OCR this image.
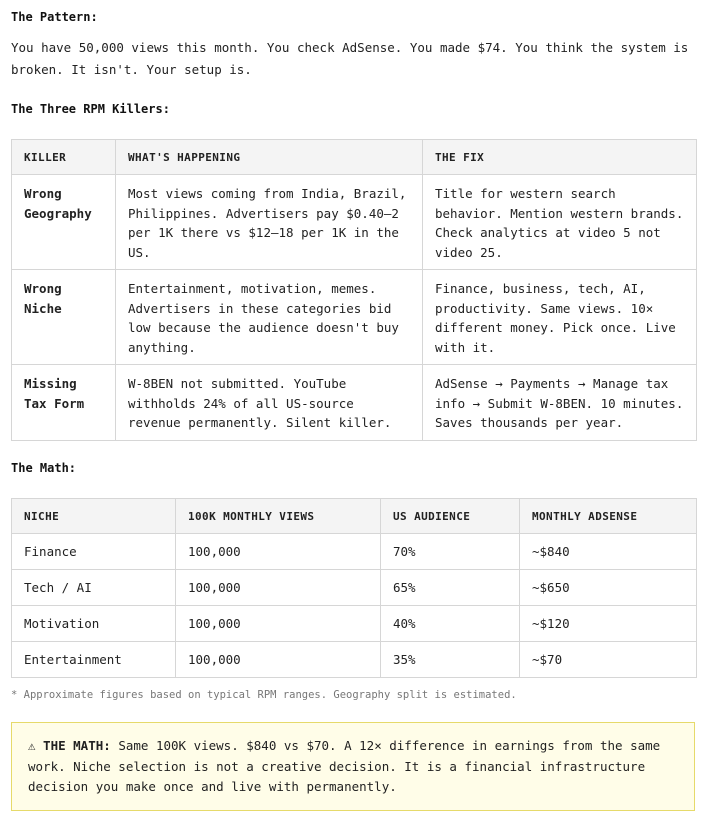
The Pattern:
You have 50,000 views this month. You check AdSense. You made $74. You think the system is broken. It isn't. Your setup is.
The Three RPM Killers:
KILLER	WHAT'S HAPPENING	THE FIX
Wrong Geography	Most views coming from India, Brazil, Philippines. Advertisers pay $0.40–2 per 1K there vs $12–18 per 1K in the US.	Title for western search behavior. Mention western brands. Check analytics at video 5 not video 25.
Wrong Niche	Entertainment, motivation, memes. Advertisers in these categories bid low because the audience doesn't buy anything.	Finance, business, tech, AI, productivity. Same views. 10× different money. Pick once. Live with it.
Missing Tax Form	W-8BEN not submitted. YouTube withholds 24% of all US-source revenue permanently. Silent killer.	AdSense → Payments → Manage tax info → Submit W-8BEN. 10 minutes. Saves thousands per year.
The Math:
NICHE	100K MONTHLY VIEWS	US AUDIENCE	MONTHLY ADSENSE
Finance	100,000	70%	~$840
Tech / AI	100,000	65%	~$650
Motivation	100,000	40%	~$120
Entertainment	100,000	35%	~$70
* Approximate figures based on typical RPM ranges. Geography split is estimated.
⚠ THE MATH: Same 100K views. $840 vs $70. A 12× difference in earnings from the same work. Niche selection is not a creative decision. It is a financial infrastructure decision you make once and live with permanently.
